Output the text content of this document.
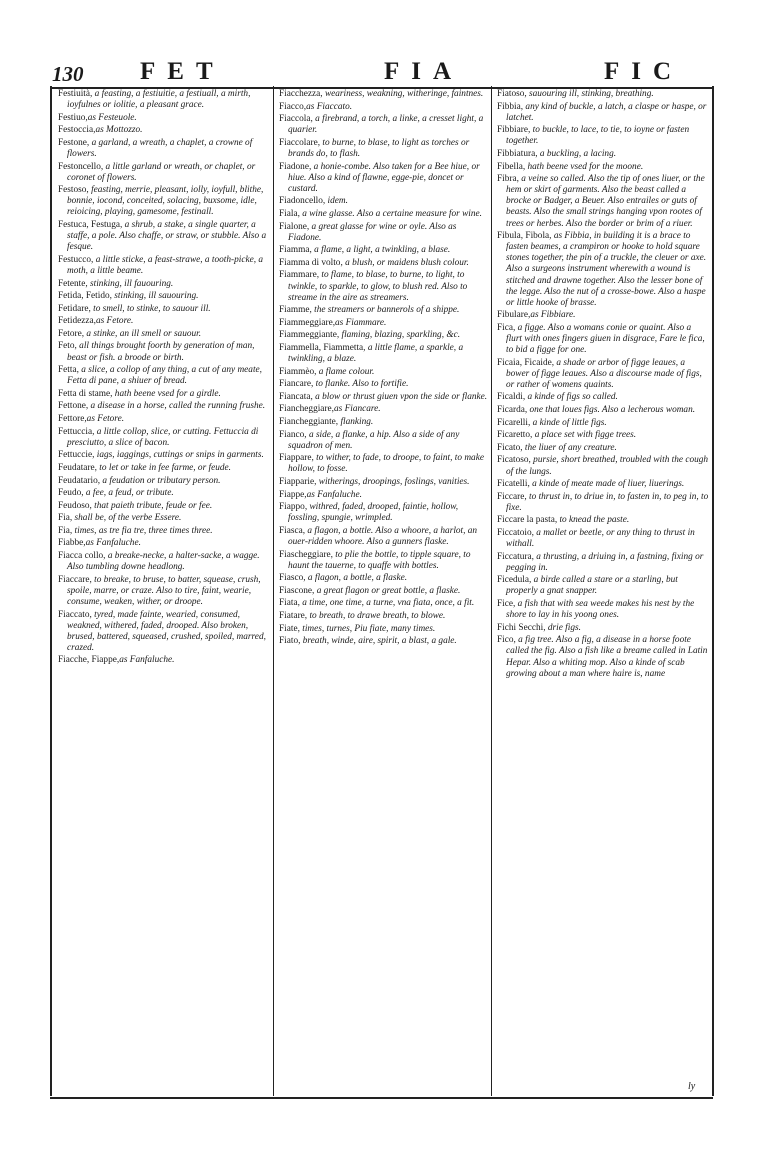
130 FET	FIA	FIC
Festiuità, a feasting, a festiuitie, a festiuall, a mirth, ioyfulnes or iolitie, a pleasant grace.
Festiuo,as Festeuole.
Festoccia,as Mottozzo.
Festone, a garland, a wreath, a chaplet, a crowne of flowers.
Festoncello, a little garland or wreath, or chaplet, or coronet of flowers.
Festoso, feasting, merrie, pleasant, iolly, ioyfull, blithe, bonnie, iocond, conceited, solacing, buxsome, idle, reioicing, playing, gamesome, festinall.
Festuca, Festuga, a shrub, a stake, a single quarter, a staffe, a pole. Also chaffe, or straw, or stubble. Also a fesque.
Festucco, a little sticke, a feast-strawe, a tooth-picke, a moth, a little beame.
Fetente, stinking, ill fauouring.
Fetida, Fetido, stinking, ill sauouring.
Fetidare, to smell, to stinke, to sauour ill.
Fetidezza,as Fetore.
Fetore, a stinke, an ill smell or sauour.
Feto, all things brought foorth by generation of man, beast or fish. a broode or birth.
Fetta, a slice, a collop of any thing, a cut of any meate, Fetta di pane, a shiuer of bread.
Fetta di stame, hath beene vsed for a girdle.
Fettone, a disease in a horse, called the running frushe.
Fettore,as Fetore.
Fettuccia, a little collop, slice, or cutting. Fettuccia di presciutto, a slice of bacon.
Fettuccie, iags, iaggings, cuttings or snips in garments.
Feudatare, to let or take in fee farme, or feude.
Feudatario, a feudation or tributary person.
Feudo, a fee, a feud, or tribute.
Feudoso, that paieth tribute, feude or fee.
Fia, shall be, of the verbe Essere.
Fia, times, as tre fia tre, three times three.
Fiabbe,as Fanfaluche.
Fiacca collo, a breake-necke, a halter-sacke, a wagge. Also tumbling downe headlong.
Fiaccare, to breake, to bruse, to batter, squease, crush, spoile, marre, or craze. Also to tire, faint, wearie, consume, weaken, wither, or droope.
Fiaccato, tyred, made fainte, wearied, consumed, weakned, withered, faded, drooped. Also broken, brused, battered, squeased, crushed, spoiled, marred, crazed.
Fiacche, Fiappe,as Fanfaluche.
Fiacchezza, weariness, weakning, witheringe, faintnes.
Fiacco,as Fiaccato.
Fiaccola, a firebrand, a torch, a linke, a cresset light, a quarier.
Fiaccolare, to burne, to blase, to light as torches or brands do, to flash.
Fiadone, a honie-combe. Also taken for a Bee hiue, or hiue. Also a kind of flawne, egge-pie, doncet or custard.
Fiadoncello, idem.
Fiala, a wine glasse. Also a certaine measure for wine.
Fialone, a great glasse for wine or oyle. Also as Fiadone.
Fiamma, a flame, a light, a twinkling, a blase.
Fiamma di volto, a blush, or maidens blush colour.
Fiammare, to flame, to blase, to burne, to light, to twinkle, to sparkle, to glow, to blush red. Also to streame in the aire as streamers.
Fiamme, the streamers or bannerols of a shippe.
Fiammeggiare,as Fiammare.
Fiammeggiante, flaming, blazing, sparkling, &c.
Fiammella, Fiammetta, a little flame, a sparkle, a twinkling, a blaze.
Fiammèo, a flame colour.
Fiancare, to flanke. Also to fortifie.
Fiancata, a blow or thrust giuen vpon the side or flanke.
Fiancheggiare,as Fiancare.
Fiancheggiante, flanking.
Fianco, a side, a flanke, a hip. Also a side of any squadron of men.
Fiappare, to wither, to fade, to droope, to faint, to make hollow, to fosse.
Fiapparie, witherings, droopings, foslings, vanities.
Fiappe,as Fanfaluche.
Fiappo, withred, faded, drooped, faintie, hollow, fossling, spungie, wrimpled.
Fiasca, a flagon, a bottle. Also a whoore, a harlot, an ouer-ridden whoore. Also a gunners flaske.
Fiascheggiare, to plie the bottle, to tipple square, to haunt the tauerne, to quaffe with bottles.
Fiasco, a flagon, a bottle, a flaske.
Fiascone, a great flagon or great bottle, a flaske.
Fiata, a time, one time, a turne, vna fiata, once, a fit.
Fiatare, to breath, to drawe breath, to blowe.
Fiate, times, turnes, Piu fiate, many times.
Fiato, breath, winde, aire, spirit, a blast, a gale.
Fiatoso, sauouring ill, stinking, breathing.
Fibbia, any kind of buckle, a latch, a claspe or haspe, or latchet.
Fibbiare, to buckle, to lace, to tie, to ioyne or fasten together.
Fibbiatura, a buckling, a lacing.
Fibella, hath beene vsed for the moone.
Fibra, a veine so called. Also the tip of ones liuer, or the hem or skirt of garments. Also the beast called a brocke or Badger, a Beuer. Also entrailes or guts of beasts. Also the small strings hanging vpon rootes of trees or herbes. Also the border or brim of a riuer.
Fibula, Fibola, as Fibbia, in building it is a brace to fasten beames, a crampiron or hooke to hold square stones together, the pin of a truckle, the cleuer or axe. Also a surgeons instrument wherewith a wound is stitched and drawne together. Also the lesser bone of the legge. Also the nut of a crosse-bowe. Also a haspe or little hooke of brasse.
Fibulare,as Fibbiare.
Fica, a figge. Also a womans conie or quaint. Also a flurt with ones fingers giuen in disgrace, Fare le fica, to bid a figge for one.
Ficaia, Ficaide, a shade or arbor of figge leaues, a bower of figge leaues. Also a discourse made of figs, or rather of womens quaints.
Ficaldi, a kinde of figs so called.
Ficarda, one that loues figs. Also a lecherous woman.
Ficarelli, a kinde of little figs.
Ficaretto, a place set with figge trees.
Ficato, the liuer of any creature.
Ficatoso, pursie, short breathed, troubled with the cough of the lungs.
Ficatelli, a kinde of meate made of liuer, liuerings.
Ficcare, to thrust in, to driue in, to fasten in, to peg in, to fixe.
Ficcare la pasta, to knead the paste.
Ficcatoio, a mallet or beetle, or any thing to thrust in withall.
Ficcatura, a thrusting, a driuing in, a fastning, fixing or pegging in.
Ficedula, a birde called a stare or a starling, but properly a gnat snapper.
Fice, a fish that with sea weede makes his nest by the shore to lay in his yoong ones.
Fichi Secchi, drie figs.
Fico, a fig tree. Also a fig, a disease in a horse foote called the fig. Also a fish like a breame called in Latin Hepar. Also a whiting mop. Also a kinde of scab growing about a man where haire is, name
ly
